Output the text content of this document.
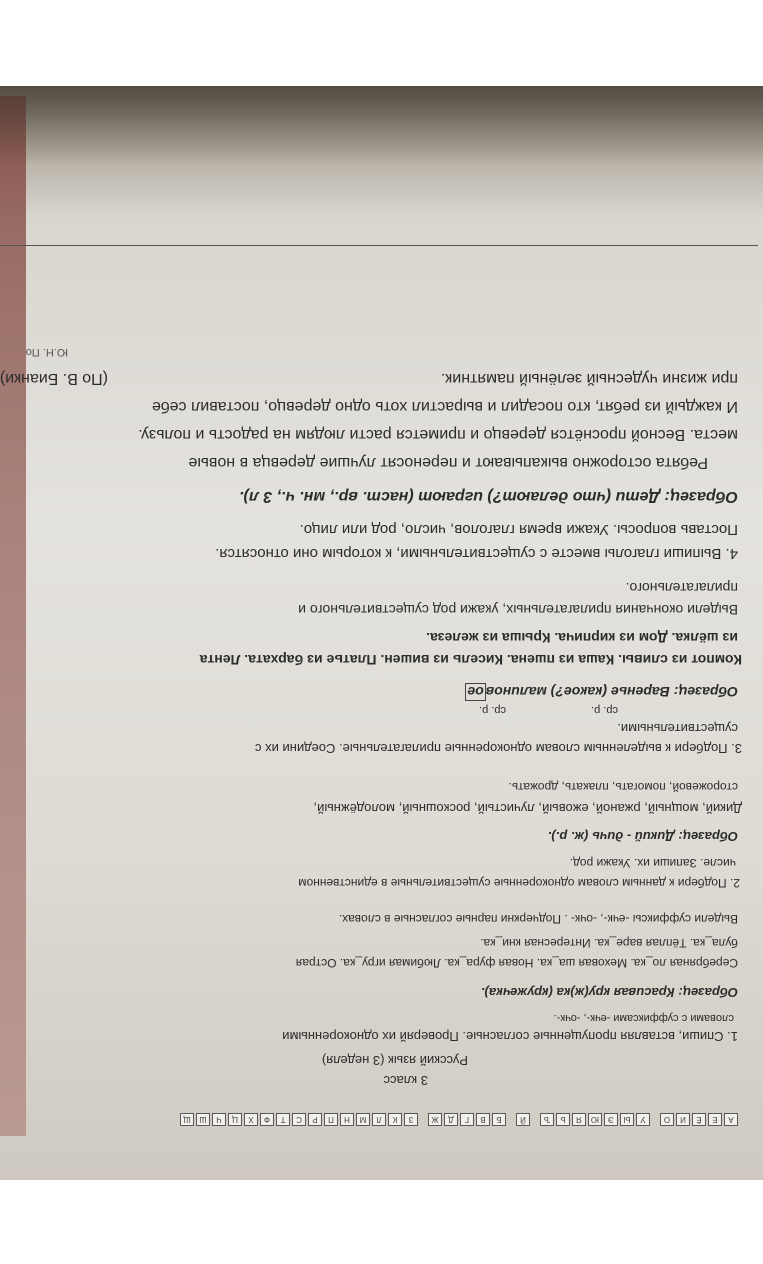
А
Е
Ё
И
О
У
Ы
Э
Ю
Я
Ь
Ъ
Й
Б
В
Г
Д
Ж
З
К
Л
М
Н
П
Р
С
Т
Ф
Х
Ц
Ч
Ш
Щ
3 класс
Русский язык (3 неделя)
1. Спиши, вставляя пропущенные согласные. Проверяй их однокоренными
словами с суффиксами -ечк-, -очк-.
Образец: Красивая кру(ж)ка (кружечка).
Серебряная ло_ка. Меховая ша_ка. Новая фура_ка. Любимая игру_ка. Острая
була_ка. Тёплая варе_ка. Интересная кни_ка.
Выдели суффиксы -ечк-, -очк- . Подчеркни парные согласные в словах.
2. Подбери к данным словам однокоренные существительные в единственном
числе. Запиши их. Укажи род.
Образец: Дикий - дичь (ж. р.).
Дикий, мощный, ржаной, ежовый, лучистый, роскошный, молодёжный,
сторожевой, помогать, плакать, дрожать.
3. Подбери к выделенным словам однокоренные прилагательные. Соедини их с
существительными.
ср. р.
ср. р.
Образец: Варенье (какое?) малиновое
Компот из сливы. Каша из пшена. Кисель из вишен. Платье из бархата. Лента
из шёлка. Дом из кирпича. Крыша из железа.
Выдели окончания прилагательных, укажи род существительного и
прилагательного.
4. Выпиши глаголы вместе с существительными, к которым они относятся.
Поставь вопросы. Укажи время глаголов, число, род или лицо.
Образец: Дети (что делают?) играют (наст. вр., мн. ч., 3 л).
Ребята осторожно выкапывают и переносят лучшие деревца в новые
места. Весной проснётся деревцо и примется расти людям на радость и пользу.
И каждый из ребят, кто посадил и вырастил хоть одно деревцо, поставил себе
при жизни чудесный зелёный памятник.
(По В. Бианки)
Ю.Н. По
